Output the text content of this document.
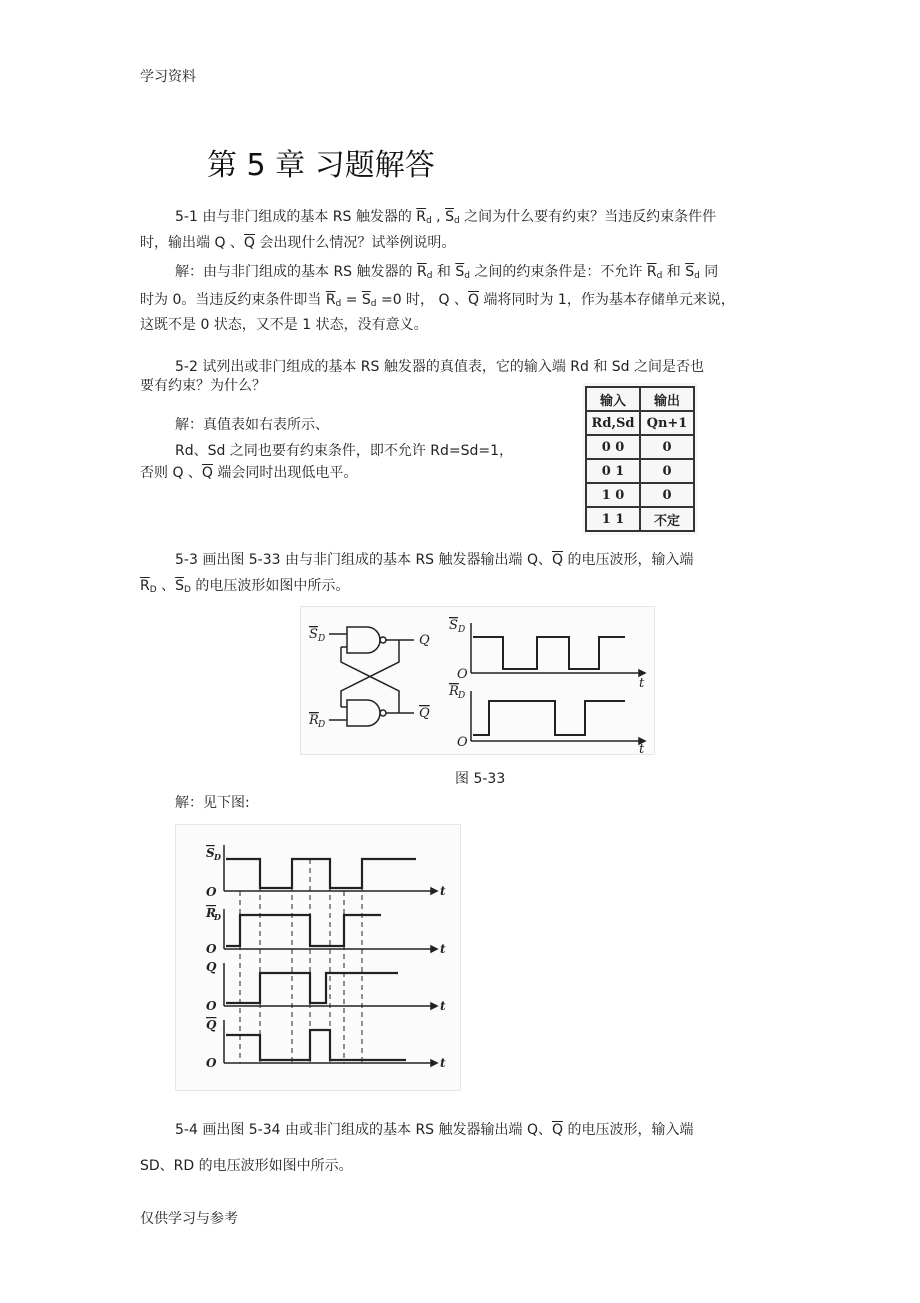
学习资料
第 5 章 习题解答
5-1 由与非门组成的基本 RS 触发器的 $\overline{R}_d$ , $\overline{S}_d$ 之间为什么要有约束？当违反约束条件件
时，输出端 Q 、$\overline{Q}$ 会出现什么情况？试举例说明。
解：由与非门组成的基本 RS 触发器的 $\overline{R}_d$ 和 $\overline{S}_d$ 之间的约束条件是：不允许 $\overline{R}_d$ 和 $\overline{S}_d$ 同
时为 0。当违反约束条件即当 $\overline{R}_d = \overline{S}_d =0$ 时， Q 、$\overline{Q}$ 端将同时为 1，作为基本存储单元来说，
这既不是 0 状态，又不是 1 状态，没有意义。
5-2 试列出或非门组成的基本 RS 触发器的真值表，它的输入端 Rd 和 Sd 之间是否也
要有约束？为什么？
解：真值表如右表所示、
Rd、Sd 之同也要有约束条件，即不允许 Rd=Sd=1，
否则 Q 、$\overline{Q}$ 端会同时出现低电平。
输入	输出
Rd,Sd	Qn+1
0 0	0
0 1	0
1 0	0
1 1	不定
5-3 画出图 5-33 由与非门组成的基本 RS 触发器输出端 Q、$\overline{Q}$ 的电压波形，输入端
$\overline{R}_D$ 、$\overline{S}_D$ 的电压波形如图中所示。
S D
R D
Q
Q
S D
O
t
R D
O	t
图 5-33
解：见下图:
S D
O	t
R
D
O	t
Q
O	t
Q
O	t
5-4 画出图 5-34 由或非门组成的基本 RS 触发器输出端 Q、$\overline{Q}$ 的电压波形，输入端
SD、RD 的电压波形如图中所示。
仅供学习与参考
